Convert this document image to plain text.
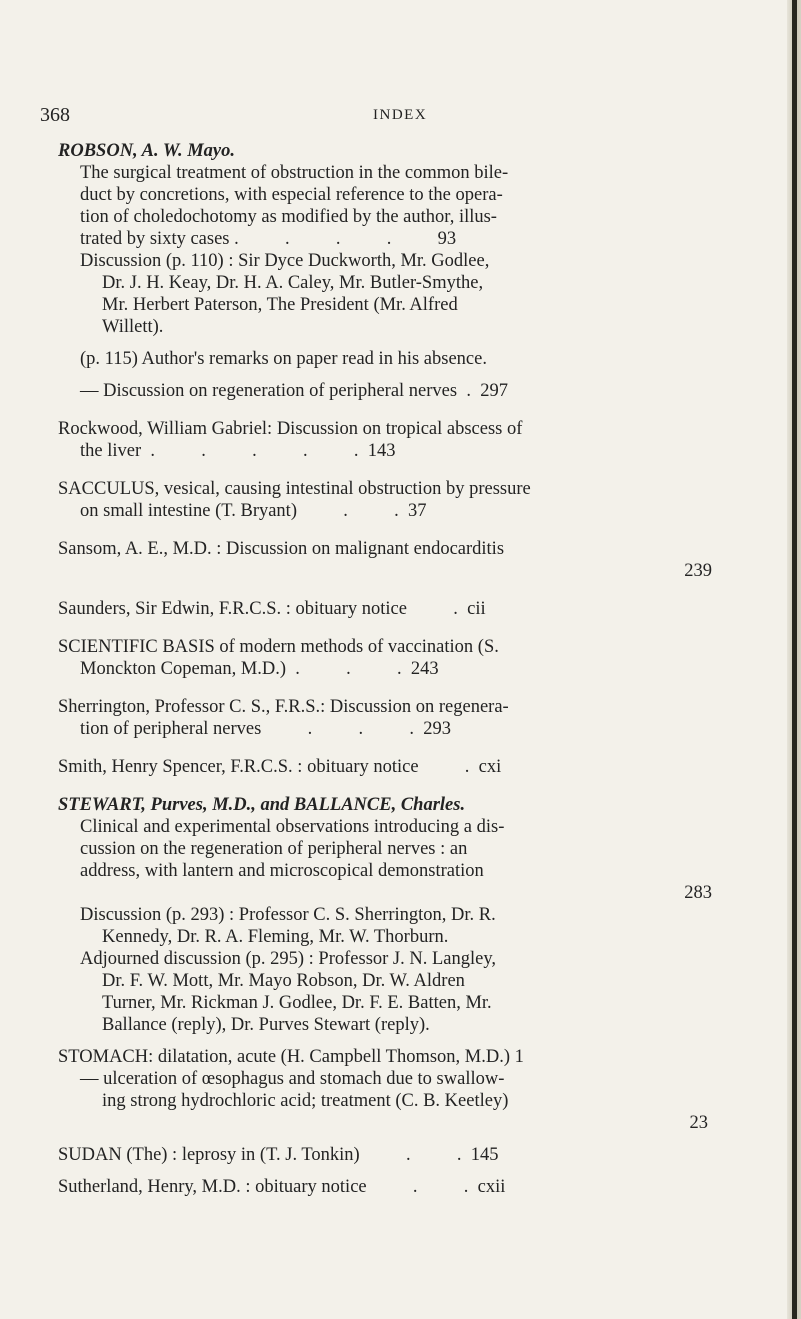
368	INDEX
ROBSON, A. W. Mayo.
The surgical treatment of obstruction in the common bile-
duct by concretions, with especial reference to the opera-
tion of choledochotomy as modified by the author, illus-
trated by sixty cases .          .          .          .          93
Discussion (p. 110) : Sir Dyce Duckworth, Mr. Godlee,
Dr. J. H. Keay, Dr. H. A. Caley, Mr. Butler-Smythe,
Mr. Herbert Paterson, The President (Mr. Alfred
Willett).
(p. 115) Author's remarks on paper read in his absence.
— Discussion on regeneration of peripheral nerves  .  297
Rockwood, William Gabriel: Discussion on tropical abscess of
the liver  .          .          .          .          .  143
SACCULUS, vesical, causing intestinal obstruction by pressure
on small intestine (T. Bryant)          .          .  37
Sansom, A. E., M.D. : Discussion on malignant endocarditis
239
Saunders, Sir Edwin, F.R.C.S. : obituary notice          .  cii
SCIENTIFIC BASIS of modern methods of vaccination (S.
Monckton Copeman, M.D.)  .          .          .  243
Sherrington, Professor C. S., F.R.S.: Discussion on regenera-
tion of peripheral nerves          .          .          .  293
Smith, Henry Spencer, F.R.C.S. : obituary notice          .  cxi
STEWART, Purves, M.D., and BALLANCE, Charles.
Clinical and experimental observations introducing a dis-
cussion on the regeneration of peripheral nerves : an
address, with lantern and microscopical demonstration
283
Discussion (p. 293) : Professor C. S. Sherrington, Dr. R.
Kennedy, Dr. R. A. Fleming, Mr. W. Thorburn.
Adjourned discussion (p. 295) : Professor J. N. Langley,
Dr. F. W. Mott, Mr. Mayo Robson, Dr. W. Aldren
Turner, Mr. Rickman J. Godlee, Dr. F. E. Batten, Mr.
Ballance (reply), Dr. Purves Stewart (reply).
STOMACH: dilatation, acute (H. Campbell Thomson, M.D.) 1
— ulceration of œsophagus and stomach due to swallow-
ing strong hydrochloric acid; treatment (C. B. Keetley)
23
SUDAN (The) : leprosy in (T. J. Tonkin)          .          .  145
Sutherland, Henry, M.D. : obituary notice          .          .  cxii
